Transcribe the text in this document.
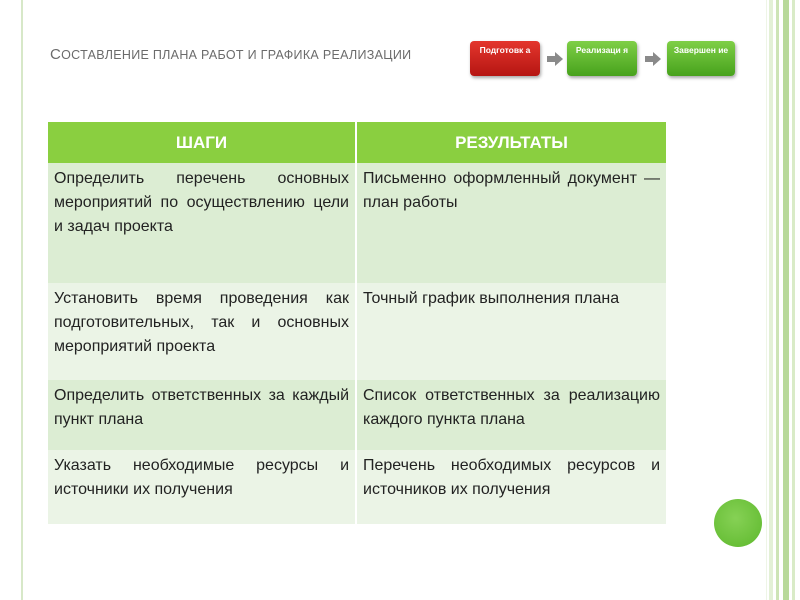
СОСТАВЛЕНИЕ ПЛАНА РАБОТ И ГРАФИКА РЕАЛИЗАЦИИ	Подготовк а	Реализаци я	Завершен ие
ШАГИ	РЕЗУЛЬТАТЫ
Определить перечень основных мероприятий по осуществлению цели и задач проекта	Письменно оформленный документ — план работы
Установить время проведения как подготовительных, так и основных мероприятий проекта	Точный график выполнения плана
Определить ответственных за каждый пункт плана	Список ответственных за реализацию каждого пункта плана
Указать необходимые ресурсы и источники их получения	Перечень необходимых ресурсов и источников их получения
